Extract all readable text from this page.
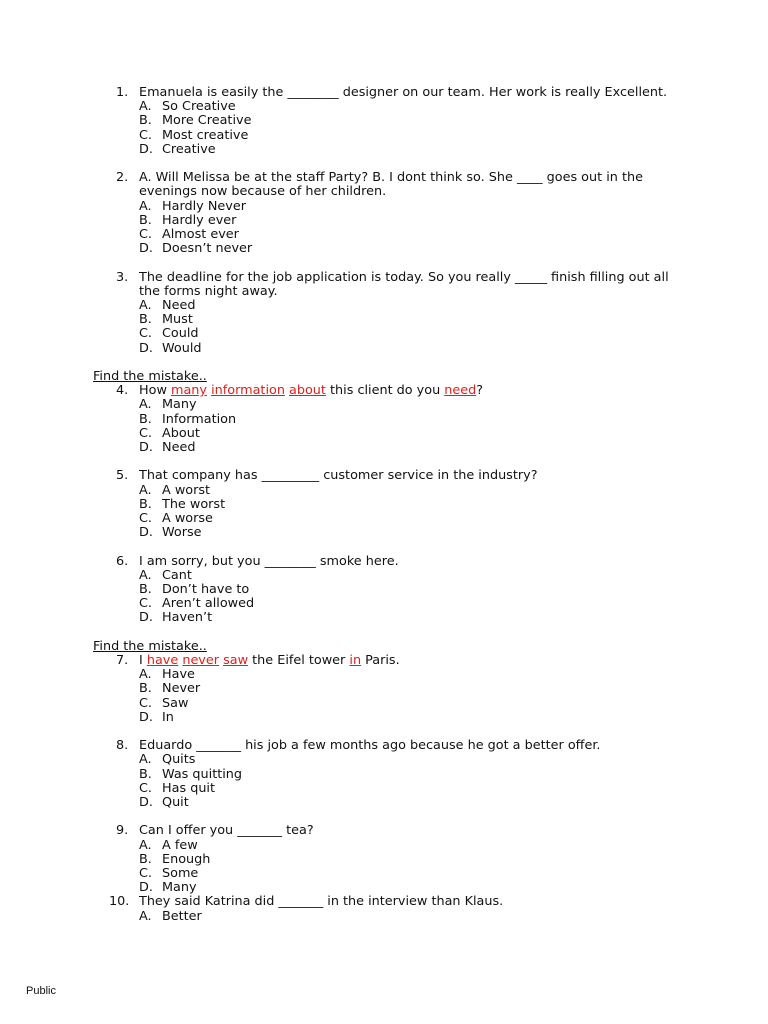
1. Emanuela is easily the ________ designer on our team. Her work is really Excellent.
A. So Creative
B. More Creative
C. Most creative
D. Creative
2. A. Will Melissa be at the staff Party? B. I dont think so. She ____ goes out in the evenings now because of her children.
A. Hardly Never
B. Hardly ever
C. Almost ever
D. Doesn’t never
3. The deadline for the job application is today. So you really _____ finish filling out all the forms night away.
A. Need
B. Must
C. Could
D. Would
Find the mistake..
4. How many information about this client do you need?
A. Many
B. Information
C. About
D. Need
5. That company has _________ customer service in the industry?
A. A worst
B. The worst
C. A worse
D. Worse
6. I am sorry, but you ________ smoke here.
A. Cant
B. Don’t have to
C. Aren’t allowed
D. Haven’t
Find the mistake..
7. I have never saw the Eifel tower in Paris.
A. Have
B. Never
C. Saw
D. In
8. Eduardo _______ his job a few months ago because he got a better offer.
A. Quits
B. Was quitting
C. Has quit
D. Quit
9. Can I offer you _______ tea?
A. A few
B. Enough
C. Some
D. Many
10. They said Katrina did _______ in the interview than Klaus.
A. Better
Public
